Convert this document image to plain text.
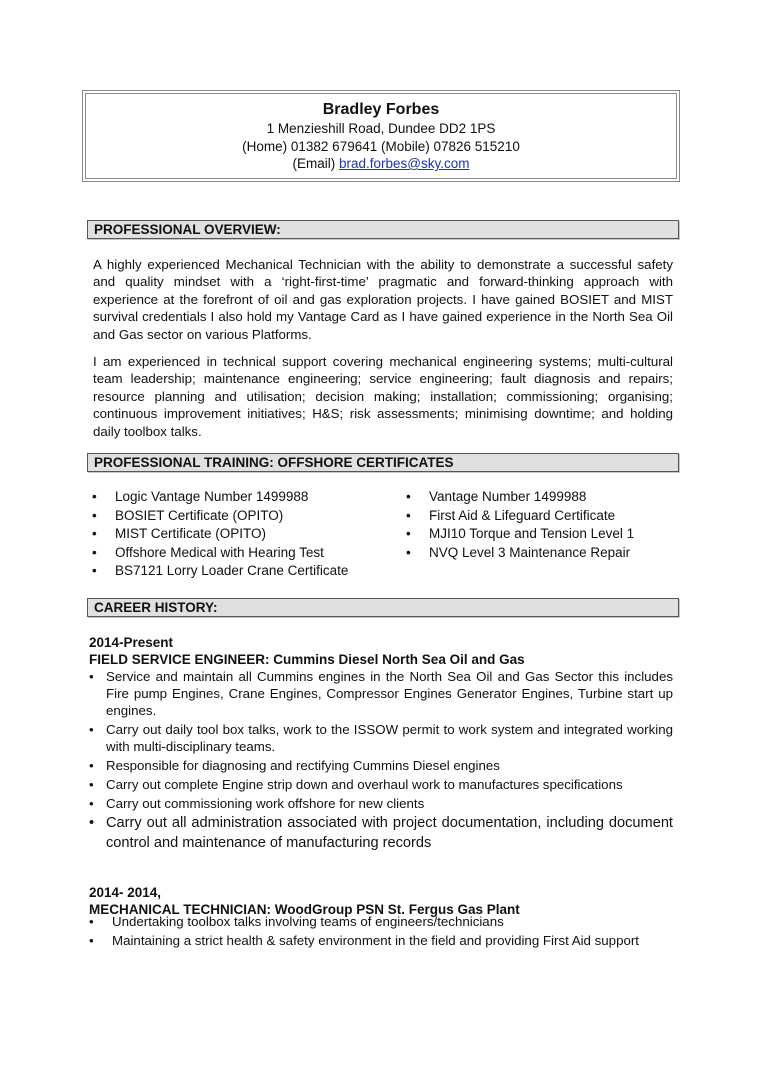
Bradley Forbes
1 Menzieshill Road, Dundee DD2 1PS
(Home) 01382 679641 (Mobile) 07826 515210
(Email) brad.forbes@sky.com
PROFESSIONAL OVERVIEW:
A highly experienced Mechanical Technician with the ability to demonstrate a successful safety and quality mindset with a ‘right-first-time’ pragmatic and forward-thinking approach with experience at the forefront of oil and gas exploration projects. I have gained BOSIET and MIST survival credentials I also hold my Vantage Card as I have gained experience in the North Sea Oil and Gas sector on various Platforms.
I am experienced in technical support covering mechanical engineering systems; multi-cultural team leadership; maintenance engineering; service engineering; fault diagnosis and repairs; resource planning and utilisation; decision making; installation; commissioning; organising; continuous improvement initiatives; H&S; risk assessments; minimising downtime; and holding daily toolbox talks.
PROFESSIONAL TRAINING: OFFSHORE CERTIFICATES
• Logic Vantage Number 1499988
• BOSIET Certificate (OPITO)
• MIST Certificate (OPITO)
• Offshore Medical with Hearing Test
• BS7121 Lorry Loader Crane Certificate
• Vantage Number 1499988
• First Aid & Lifeguard Certificate
• MJI10 Torque and Tension Level 1
• NVQ Level 3 Maintenance Repair
CAREER HISTORY:
2014-Present
FIELD SERVICE ENGINEER: Cummins Diesel North Sea Oil and Gas
• Service and maintain all Cummins engines in the North Sea Oil and Gas Sector this includes Fire pump Engines, Crane Engines, Compressor Engines Generator Engines, Turbine start up engines.
• Carry out daily tool box talks, work to the ISSOW permit to work system and integrated working with multi-disciplinary teams.
• Responsible for diagnosing and rectifying Cummins Diesel engines
• Carry out complete Engine strip down and overhaul work to manufactures specifications
• Carry out commissioning work offshore for new clients
• Carry out all administration associated with project documentation, including document control and maintenance of manufacturing records
2014- 2014,
MECHANICAL TECHNICIAN: WoodGroup PSN St. Fergus Gas Plant
• Undertaking toolbox talks involving teams of engineers/technicians
• Maintaining a strict health & safety environment in the field and providing First Aid support
